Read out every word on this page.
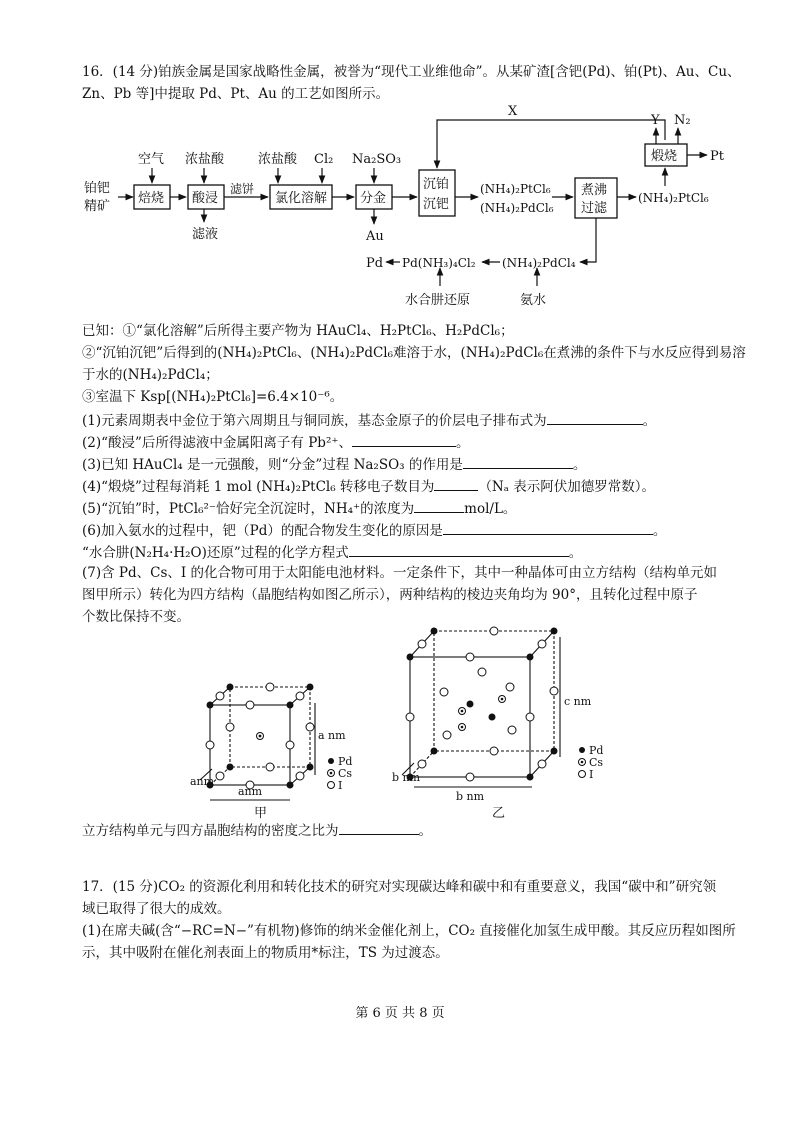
16．(14 分)铂族金属是国家战略性金属，被誉为“现代工业维他命”。从某矿渣[含钯(Pd)、铂(Pt)、Au、Cu、
Zn、Pb 等]中提取 Pd、Pt、Au 的工艺如图所示。
铂钯
精矿
空气
焙烧
浓盐酸
酸浸
滤液
滤饼
浓盐酸 Cl₂
氯化溶解
Na₂SO₃
分金
Au
沉铂
沉钯
(NH₄)₂PtCl₆
(NH₄)₂PdCl₆
X
煮沸
过滤
(NH₄)₂PtCl₆
煅烧
Y N₂
Pt
(NH₄)₂PdCl₄
Pd(NH₃)₄Cl₂
Pd
水合肼还原	氨水
已知：①“氯化溶解”后所得主要产物为 HAuCl₄、H₂PtCl₆、H₂PdCl₆；
②“沉铂沉钯”后得到的(NH₄)₂PtCl₆、(NH₄)₂PdCl₆难溶于水，(NH₄)₂PdCl₆在煮沸的条件下与水反应得到易溶
于水的(NH₄)₂PdCl₄；
③室温下 Ksp[(NH₄)₂PtCl₆]=6.4×10⁻⁶。
(1)元素周期表中金位于第六周期且与铜同族，基态金原子的价层电子排布式为	。
(2)“酸浸”后所得滤液中金属阳离子有 Pb²⁺、	。
(3)已知 HAuCl₄ 是一元强酸，则“分金”过程 Na₂SO₃ 的作用是	。
(4)“煅烧”过程每消耗 1 mol (NH₄)₂PtCl₆ 转移电子数目为	（Nₐ 表示阿伏加德罗常数）。
(5)“沉铂”时，PtCl₆²⁻恰好完全沉淀时，NH₄⁺的浓度为	mol/L。
(6)加入氨水的过程中，钯（Pd）的配合物发生变化的原因是	。
“水合肼(N₂H₄·H₂O)还原”过程的化学方程式	。
(7)含 Pd、Cs、I 的化合物可用于太阳能电池材料。一定条件下，其中一种晶体可由立方结构（结构单元如
图甲所示）转化为四方结构（晶胞结构如图乙所示），两种结构的棱边夹角均为 90°，且转化过程中原子
个数比保持不变。
a nm
anm
anm
Pd
Cs
I
甲
c nm
b nm
b nm
Pd
Cs
I
乙
立方结构单元与四方晶胞结构的密度之比为	。
17．(15 分)CO₂ 的资源化利用和转化技术的研究对实现碳达峰和碳中和有重要意义，我国“碳中和”研究领
域已取得了很大的成效。
(1)在席夫碱(含“−RC=N−”有机物)修饰的纳米金催化剂上，CO₂ 直接催化加氢生成甲酸。其反应历程如图所
示，其中吸附在催化剂表面上的物质用*标注，TS 为过渡态。
第 6 页 共 8 页
